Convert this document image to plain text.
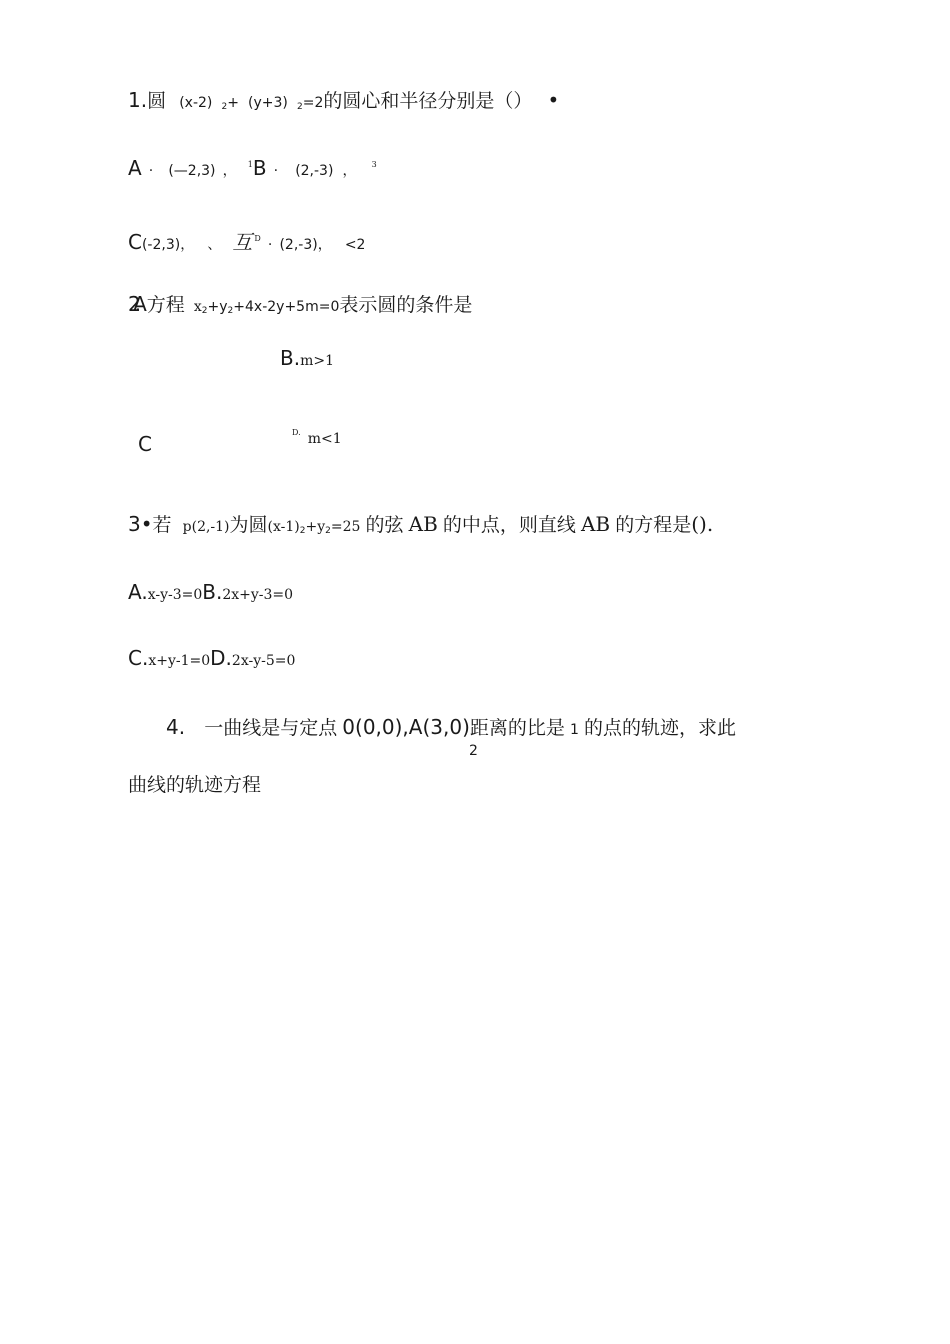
1.圆 (x-2) 2+ (y+3) 2=2的圆心和半径分别是（） •
A · (—2,3) ， $^1$B · (2,-3) ， $^3$
C(-2,3)， 、 互 $^D$ · (2,-3)， <2
2.A方程 x2+y2+4x-2y+5m=0表示圆的条件是
B.m>1
C	$^{D.}$ m<1
3•若 p(2,-1)为圆(x-1)2+y2=25 的弦 AB 的中点，则直线 AB 的方程是().
A.x-y-3=0B.2x+y-3=0
C.x+y-1=0D.2x-y-5=0
4. 一曲线是与定点 0(0,0),A(3,0)距离的比是 1 的点的轨迹，求此
2
曲线的轨迹方程
